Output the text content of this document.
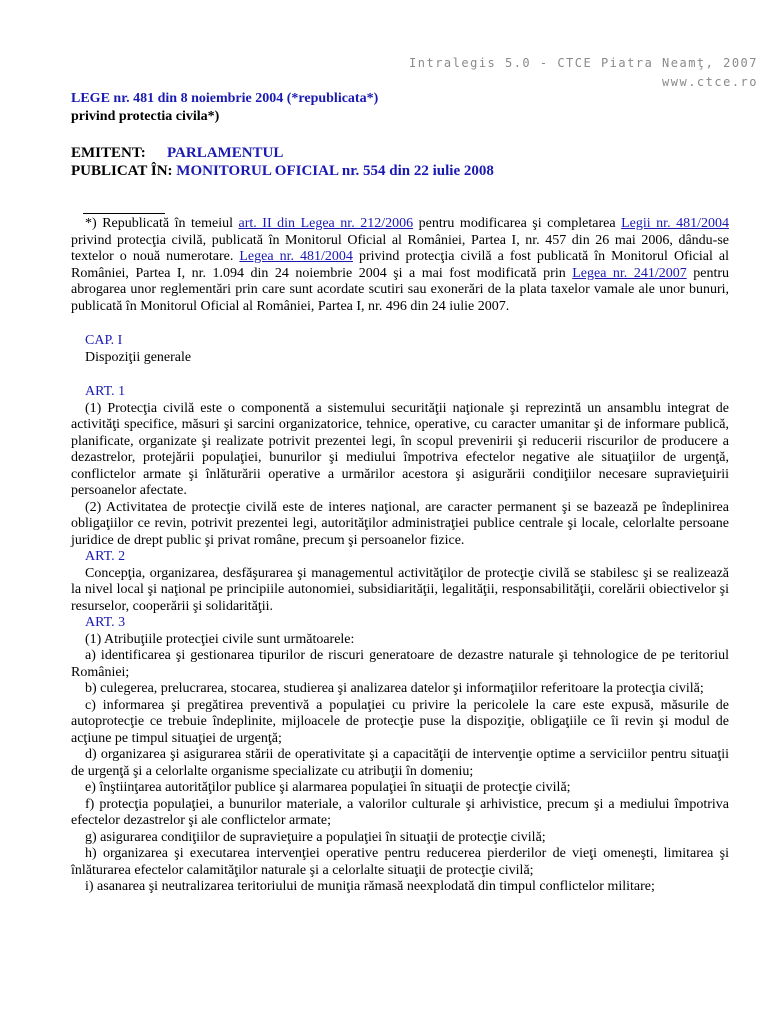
Intralegis 5.0 - CTCE Piatra Neamţ, 2007
www.ctce.ro
LEGE nr. 481 din 8 noiembrie 2004 (*republicata*)
privind protectia civila*)
EMITENT: PARLAMENTUL
PUBLICAT ÎN: MONITORUL OFICIAL nr. 554 din 22 iulie 2008

*) Republicată în temeiul art. II din Legea nr. 212/2006 pentru modificarea şi completarea Legii nr. 481/2004 privind protecţia civilă, publicată în Monitorul Oficial al României, Partea I, nr. 457 din 26 mai 2006, dându-se textelor o nouă numerotare. Legea nr. 481/2004 privind protecţia civilă a fost publicată în Monitorul Oficial al României, Partea I, nr. 1.094 din 24 noiembrie 2004 şi a mai fost modificată prin Legea nr. 241/2007 pentru abrogarea unor reglementări prin care sunt acordate scutiri sau exonerări de la plata taxelor vamale ale unor bunuri, publicată în Monitorul Oficial al României, Partea I, nr. 496 din 24 iulie 2007.

CAP. I

Dispoziţii generale

ART. 1

(1) Protecţia civilă este o componentă a sistemului securităţii naţionale şi reprezintă un ansamblu integrat de activităţi specifice, măsuri şi sarcini organizatorice, tehnice, operative, cu caracter umanitar şi de informare publică, planificate, organizate şi realizate potrivit prezentei legi, în scopul prevenirii şi reducerii riscurilor de producere a dezastrelor, protejării populaţiei, bunurilor şi mediului împotriva efectelor negative ale situaţiilor de urgenţă, conflictelor armate şi înlăturării operative a urmărilor acestora şi asigurării condiţiilor necesare supravieţuirii persoanelor afectate.

(2) Activitatea de protecţie civilă este de interes naţional, are caracter permanent şi se bazează pe îndeplinirea obligaţiilor ce revin, potrivit prezentei legi, autorităţilor administraţiei publice centrale şi locale, celorlalte persoane juridice de drept public şi privat române, precum şi persoanelor fizice.

ART. 2

Concepţia, organizarea, desfăşurarea şi managementul activităţilor de protecţie civilă se stabilesc şi se realizează la nivel local şi naţional pe principiile autonomiei, subsidiarităţii, legalităţii, responsabilităţii, corelării obiectivelor şi resurselor, cooperării şi solidarităţii.

ART. 3

(1) Atribuţiile protecţiei civile sunt următoarele:

a) identificarea şi gestionarea tipurilor de riscuri generatoare de dezastre naturale şi tehnologice de pe teritoriul României;

b) culegerea, prelucrarea, stocarea, studierea şi analizarea datelor şi informaţiilor referitoare la protecţia civilă;

c) informarea şi pregătirea preventivă a populaţiei cu privire la pericolele la care este expusă, măsurile de autoprotecţie ce trebuie îndeplinite, mijloacele de protecţie puse la dispoziţie, obligaţiile ce îi revin şi modul de acţiune pe timpul situaţiei de urgenţă;

d) organizarea şi asigurarea stării de operativitate şi a capacităţii de intervenţie optime a serviciilor pentru situaţii de urgenţă şi a celorlalte organisme specializate cu atribuţii în domeniu;

e) înştiinţarea autorităţilor publice şi alarmarea populaţiei în situaţii de protecţie civilă;

f) protecţia populaţiei, a bunurilor materiale, a valorilor culturale şi arhivistice, precum şi a mediului împotriva efectelor dezastrelor şi ale conflictelor armate;

g) asigurarea condiţiilor de supravieţuire a populaţiei în situaţii de protecţie civilă;

h) organizarea şi executarea intervenţiei operative pentru reducerea pierderilor de vieţi omeneşti, limitarea şi înlăturarea efectelor calamităţilor naturale şi a celorlalte situaţii de protecţie civilă;

i) asanarea şi neutralizarea teritoriului de muniţia rămasă neexplodată din timpul conflictelor militare;
